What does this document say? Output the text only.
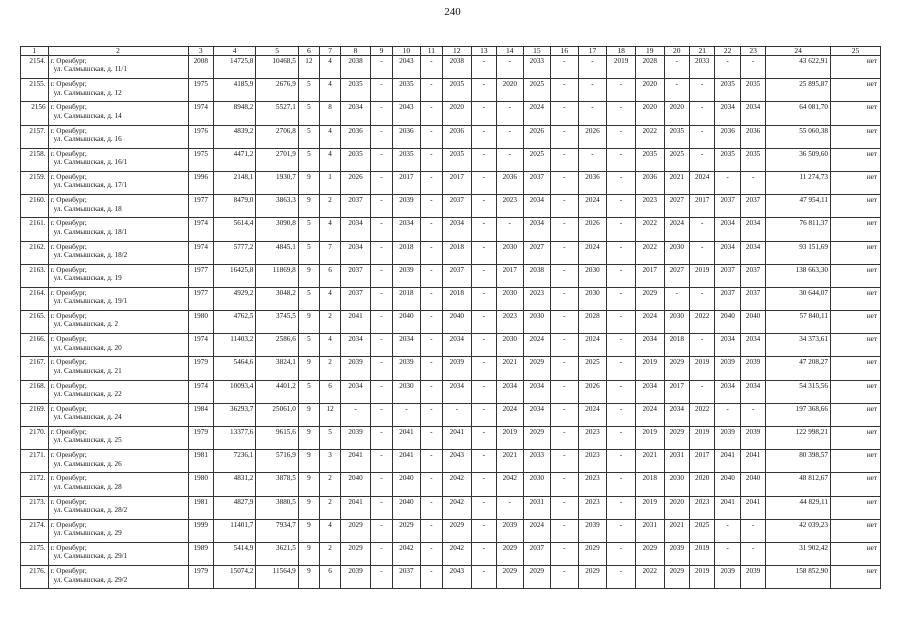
240
1	2	3	4	5	6	7	8	9	10	11	12	13	14	15	16	17	18	19	20	21	22	23	24	25
2154.	г. Оренбург,
ул. Салмышская, д. 11/1	2008	14725,8	10468,5	12	4	2038	-	2043	-	2038	-	-	2033	-	-	2019	2028	-	2033	-	-	43 622,91	нет
2155.	г. Оренбург,
ул. Салмышская, д. 12	1975	4185,9	2676,9	5	4	2035	-	2035	-	2035	-	2020	2025	-	-	-	2020	-	-	2035	2035	25 895,87	нет
2156	г. Оренбург,
ул. Салмышская, д. 14	1974	8948,2	5527,1	5	8	2034	-	2043	-	2020	-	-	2024	-	-	-	2020	2020	-	2034	2034	64 081,70	нет
2157.	г. Оренбург,
ул. Салмышская, д. 16	1976	4839,2	2706,8	5	4	2036	-	2036	-	2036	-	-	2026	-	2026	-	2022	2035	-	2036	2036	55 060,38	нет
2158.	г. Оренбург,
ул. Салмышская, д. 16/1	1975	4471,2	2701,9	5	4	2035	-	2035	-	2035	-	-	2025	-	-	-	2035	2025	-	2035	2035	36 509,60	нет
2159.	г. Оренбург,
ул. Салмышская, д. 17/1	1996	2148,1	1930,7	9	1	2026	-	2017	-	2017	-	2036	2037	-	2036	-	2036	2021	2024	-	-	11 274,73	нет
2160.	г. Оренбург,
ул. Салмышская, д. 18	1977	8479,0	3863,3	9	2	2037	-	2039	-	2037	-	2023	2034	-	2024	-	2023	2027	2017	2037	2037	47 954,11	нет
2161.	г. Оренбург,
ул. Салмышская, д. 18/1	1974	5614,4	3090,8	5	4	2034	-	2034	-	2034	-	-	2034	-	2026	-	2022	2024	-	2034	2034	76 811,37	нет
2162.	г. Оренбург,
ул. Салмышская, д. 18/2	1974	5777,2	4845,1	5	7	2034	-	2018	-	2018	-	2030	2027	-	2024	-	2022	2030	-	2034	2034	93 151,69	нет
2163.	г. Оренбург,
ул. Салмышская, д. 19	1977	16425,8	11869,8	9	6	2037	-	2039	-	2037	-	2017	2038	-	2030	-	2017	2027	2019	2037	2037	138 663,30	нет
2164.	г. Оренбург,
ул. Салмышская, д. 19/1	1977	4929,2	3048,2	5	4	2037	-	2018	-	2018	-	2030	2023	-	2030	-	2029	-	-	2037	2037	30 644,07	нет
2165.	г. Оренбург,
ул. Салмышская, д. 2	1980	4762,5	3745,5	9	2	2041	-	2040	-	2040	-	2023	2030	-	2028	-	2024	2030	2022	2040	2040	57 840,11	нет
2166.	г. Оренбург,
ул. Салмышская, д. 20	1974	11403,2	2586,6	5	4	2034	-	2034	-	2034	-	2030	2024	-	2024	-	2034	2018	-	2034	2034	34 373,61	нет
2167.	г. Оренбург,
ул. Салмышская, д. 21	1979	5464,6	3824,1	9	2	2039	-	2039	-	2039	-	2021	2029	-	2025	-	2019	2029	2019	2039	2039	47 208,27	нет
2168.	г. Оренбург,
ул. Салмышская, д. 22	1974	10093,4	4401,2	5	6	2034	-	2030	-	2034	-	2034	2034	-	2026	-	2034	2017	-	2034	2034	54 315,56	нет
2169.	г. Оренбург,
ул. Салмышская, д. 24	1984	36293,7	25061,0	9	12	-	-	-	-	-	-	2024	2034	-	2024	-	2024	2034	2022	-	-	197 368,66	нет
2170.	г. Оренбург,
ул. Салмышская, д. 25	1979	13377,6	9615,6	9	5	2039	-	2041	-	2041	-	2019	2029	-	2023	-	2019	2029	2019	2039	2039	122 998,21	нет
2171.	г. Оренбург,
ул. Салмышская, д. 26	1981	7236,1	5716,9	9	3	2041	-	2041	-	2043	-	2021	2033	-	2023	-	2021	2031	2017	2041	2041	80 398,57	нет
2172.	г. Оренбург,
ул. Салмышская, д. 28	1980	4831,2	3878,5	9	2	2040	-	2040	-	2042	-	2042	2030	-	2023	-	2018	2030	2020	2040	2040	48 812,67	нет
2173.	г. Оренбург,
ул. Салмышская, д. 28/2	1981	4827,9	3880,5	9	2	2041	-	2040	-	2042	-	-	2031	-	2023	-	2019	2020	2023	2041	2041	44 829,11	нет
2174.	г. Оренбург,
ул. Салмышская, д. 29	1999	11401,7	7934,7	9	4	2029	-	2029	-	2029	-	2039	2024	-	2039	-	2031	2021	2025	-	-	42 039,23	нет
2175.	г. Оренбург,
ул. Салмышская, д. 29/1	1989	5414,9	3621,5	9	2	2029	-	2042	-	2042	-	2029	2037	-	2029	-	2029	2039	2019	-	-	31 902,42	нет
2176.	г. Оренбург,
ул. Салмышская, д. 29/2	1979	15074,2	11564,9	9	6	2039	-	2037	-	2043	-	2029	2029	-	2029	-	2022	2029	2019	2039	2039	158 852,90	нет
